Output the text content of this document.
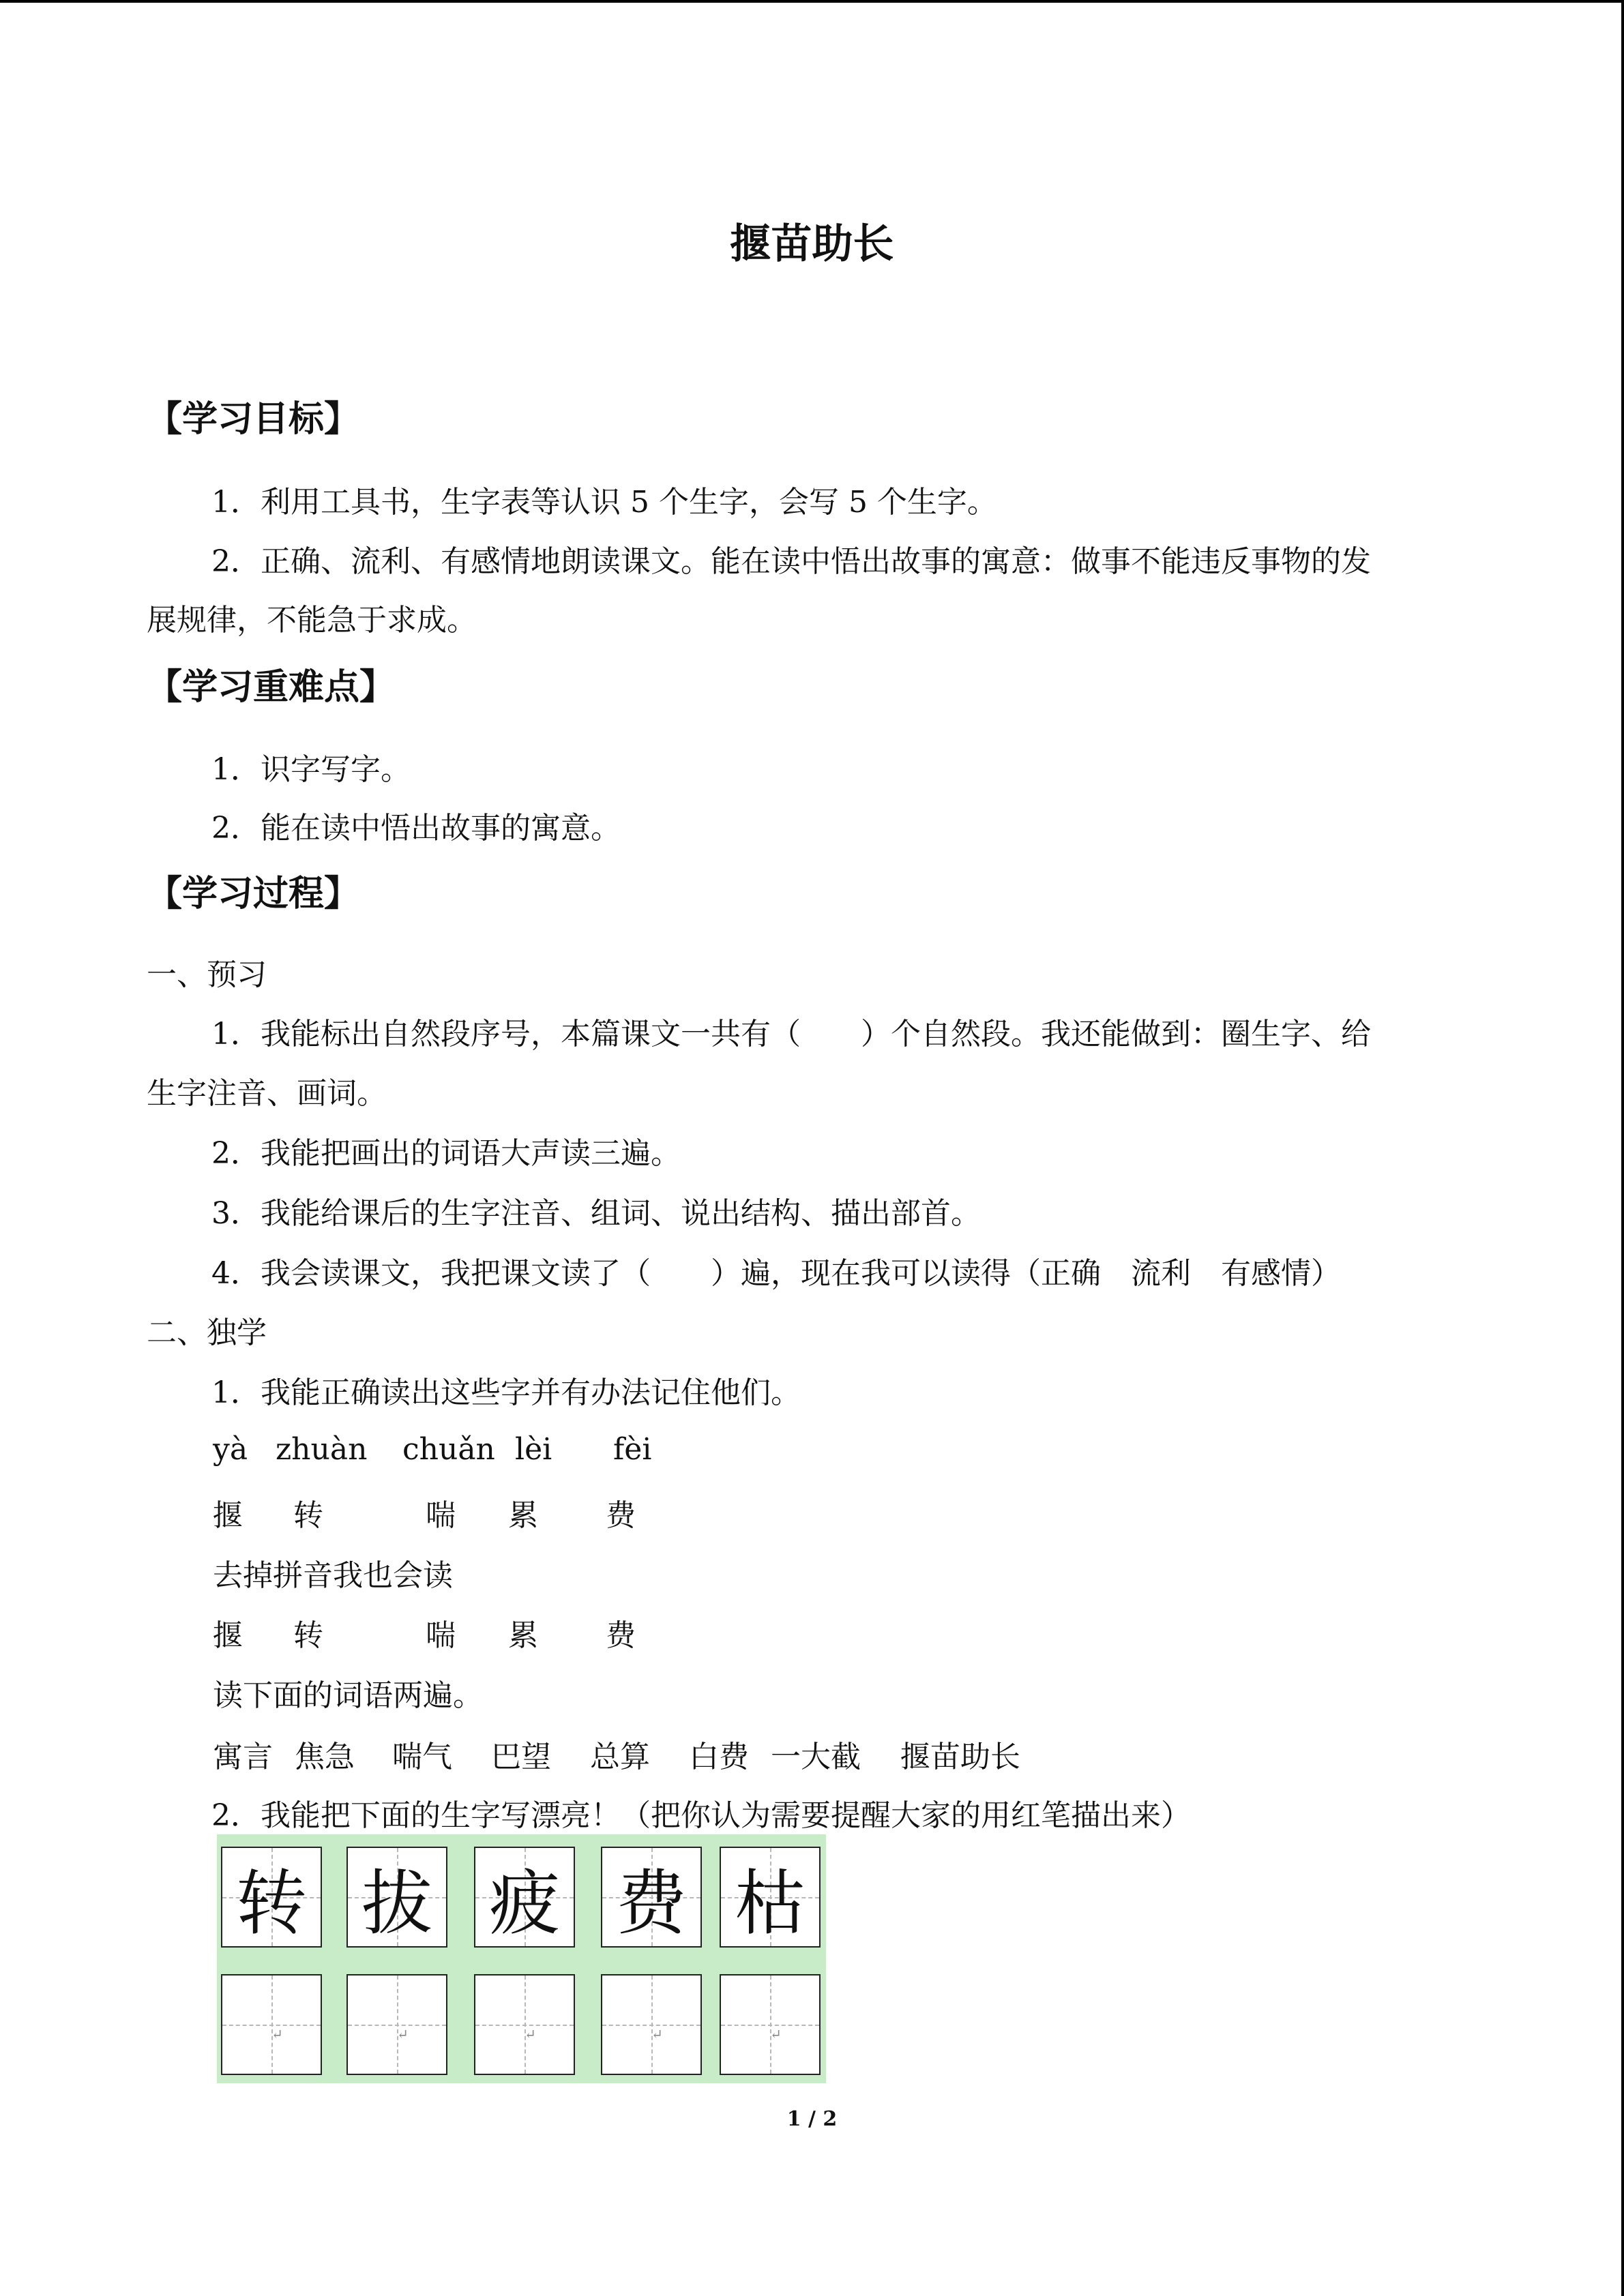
揠苗助长
【学习目标】
1．利用工具书，生字表等认识 5 个生字，会写 5 个生字。
2．正确、流利、有感情地朗读课文。能在读中悟出故事的寓意：做事不能违反事物的发
展规律，不能急于求成。
【学习重难点】
1．识字写字。
2．能在读中悟出故事的寓意。
【学习过程】
一、预习
1．我能标出自然段序号，本篇课文一共有（　　）个自然段。我还能做到：圈生字、给
生字注音、画词。
2．我能把画出的词语大声读三遍。
3．我能给课后的生字注音、组词、说出结构、描出部首。
4．我会读课文，我把课文读了（　　）遍，现在我可以读得（正确　流利　有感情）
二、独学
1．我能正确读出这些字并有办法记住他们。
yà zhuàn chuǎn lèi fèi
揠 转	喘 累 费
去掉拼音我也会读
揠 转	喘 累 费
读下面的词语两遍。
寓言 焦急 喘气 巴望 总算 白费 一大截 揠苗助长
2．我能把下面的生字写漂亮！（把你认为需要提醒大家的用红笔描出来）
转 拔 疲 费 枯
↵	↵	↵	↵	↵
1 / 2
